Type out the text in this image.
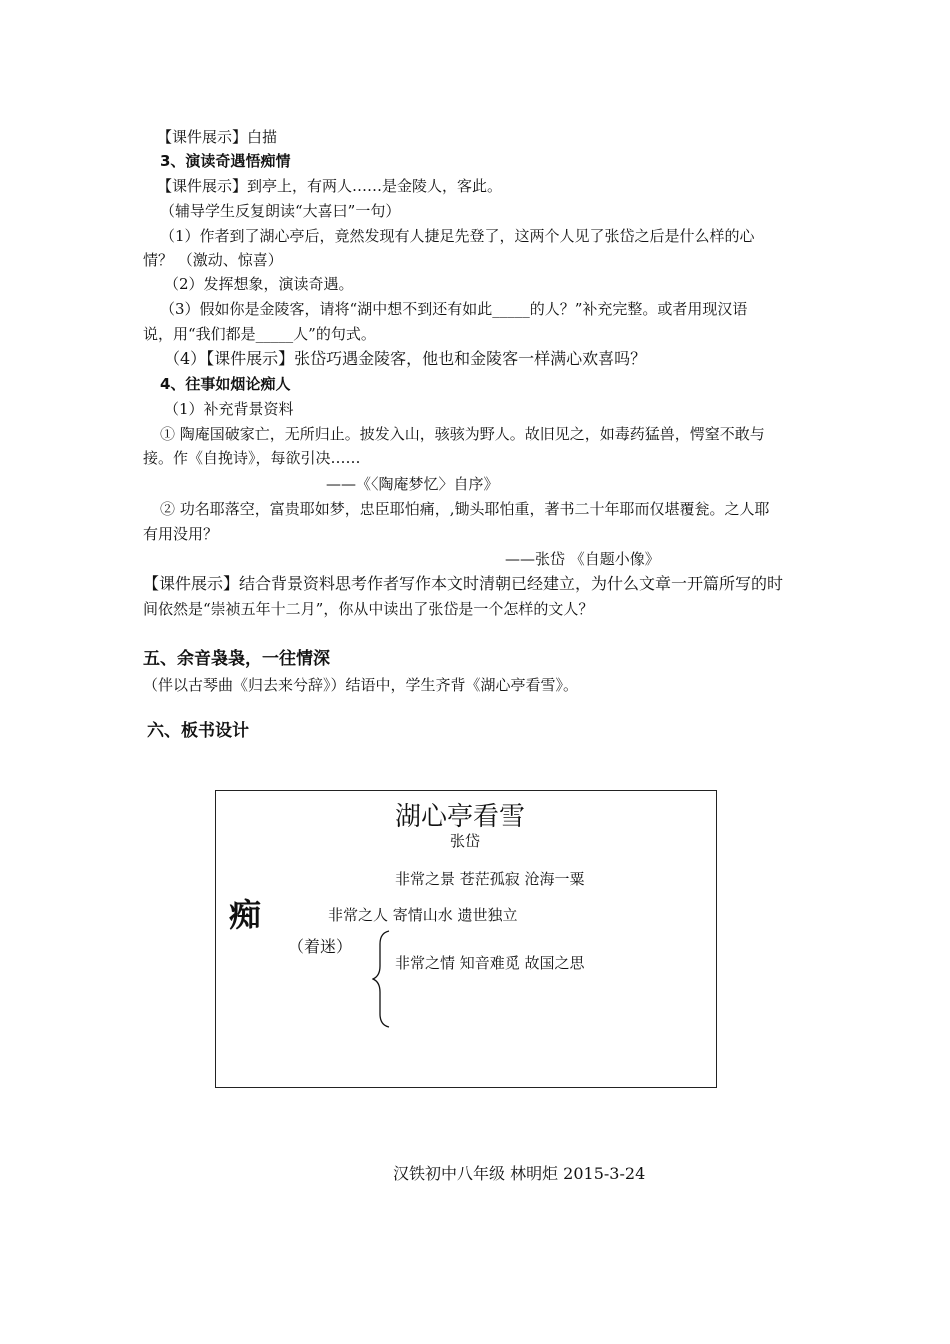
【课件展示】白描
3、演读奇遇悟痴情
【课件展示】到亭上，有两人……是金陵人，客此。
（辅导学生反复朗读“大喜曰”一句）
（1）作者到了湖心亭后，竟然发现有人捷足先登了，这两个人见了张岱之后是什么样的心
情？ （激动、惊喜）
（2）发挥想象，演读奇遇。
（3）假如你是金陵客，请将“湖中想不到还有如此_____的人？”补充完整。或者用现汉语
说，用“我们都是_____人”的句式。
（4）【课件展示】张岱巧遇金陵客，他也和金陵客一样满心欢喜吗？
4、往事如烟论痴人
（1）补充背景资料
① 陶庵国破家亡，无所归止。披发入山，骇骇为野人。故旧见之，如毒药猛兽，愕窒不敢与
接。作《自挽诗》，每欲引决……
——《〈陶庵梦忆〉自序》
② 功名耶落空，富贵耶如梦，忠臣耶怕痛，,锄头耶怕重，著书二十年耶而仅堪覆瓮。之人耶
有用没用？
——张岱 《自题小像》
【课件展示】结合背景资料思考作者写作本文时清朝已经建立，为什么文章一开篇所写的时
间依然是“崇祯五年十二月”，你从中读出了张岱是一个怎样的文人？
五、余音袅袅，一往情深
（伴以古琴曲《归去来兮辞》）结语中，学生齐背《湖心亭看雪》。
六、板书设计
湖心亭看雪
张岱
痴
（着迷）
非常之景 苍茫孤寂 沧海一粟
非常之人 寄情山水 遗世独立
非常之情 知音难觅 故国之思
汉铁初中八年级 林明炬 2015-3-24
